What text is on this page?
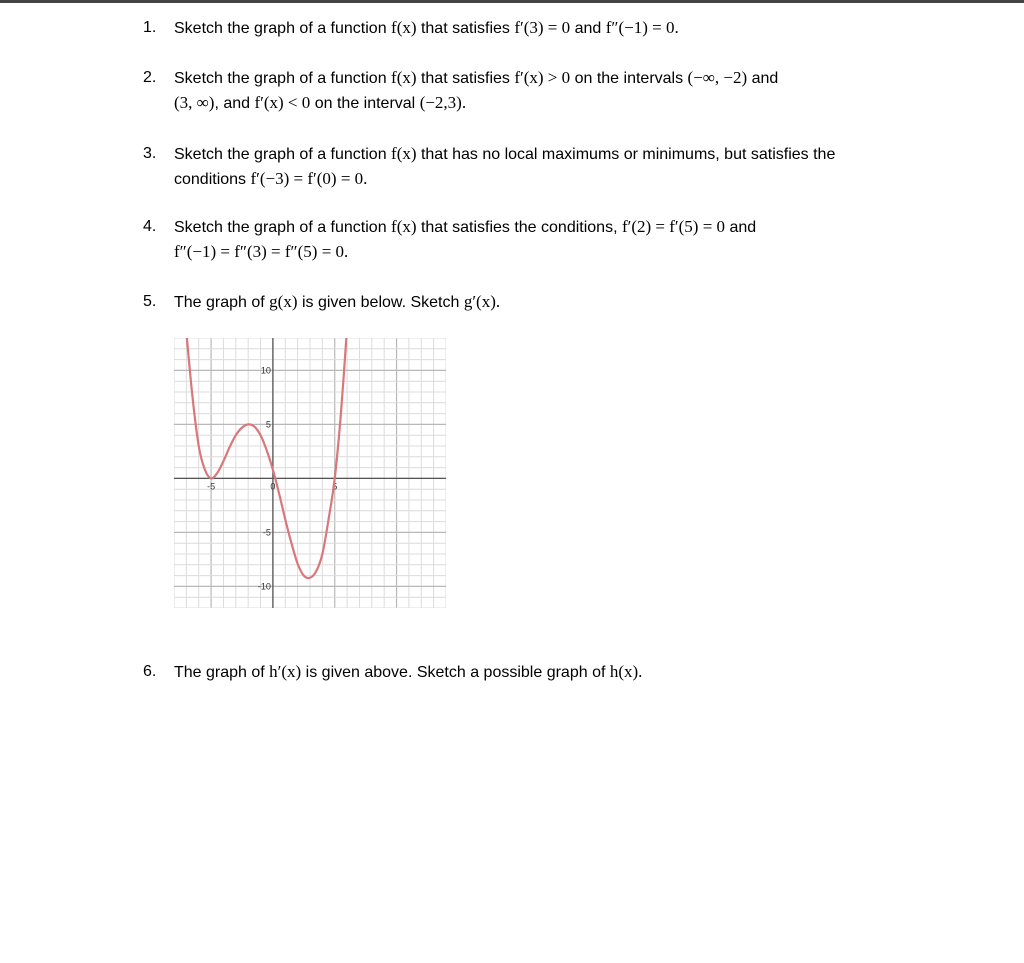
1.	Sketch the graph of a function f(x) that satisfies f′(3) = 0 and f″(−1) = 0.
2.	Sketch the graph of a function f(x) that satisfies f′(x) > 0 on the intervals (−∞, −2) and
(3, ∞), and f′(x) < 0 on the interval (−2,3).
3.	Sketch the graph of a function f(x) that has no local maximums or minimums, but satisfies the
conditions f′(−3) = f′(0) = 0.
4.	Sketch the graph of a function f(x) that satisfies the conditions, f′(2) = f′(5) = 0 and
f″(−1) = f″(3) = f″(5) = 0.
5.	The graph of g(x) is given below. Sketch g′(x).
-5	0	5
10
5
-5
-10
6.	The graph of h′(x) is given above. Sketch a possible graph of h(x).
